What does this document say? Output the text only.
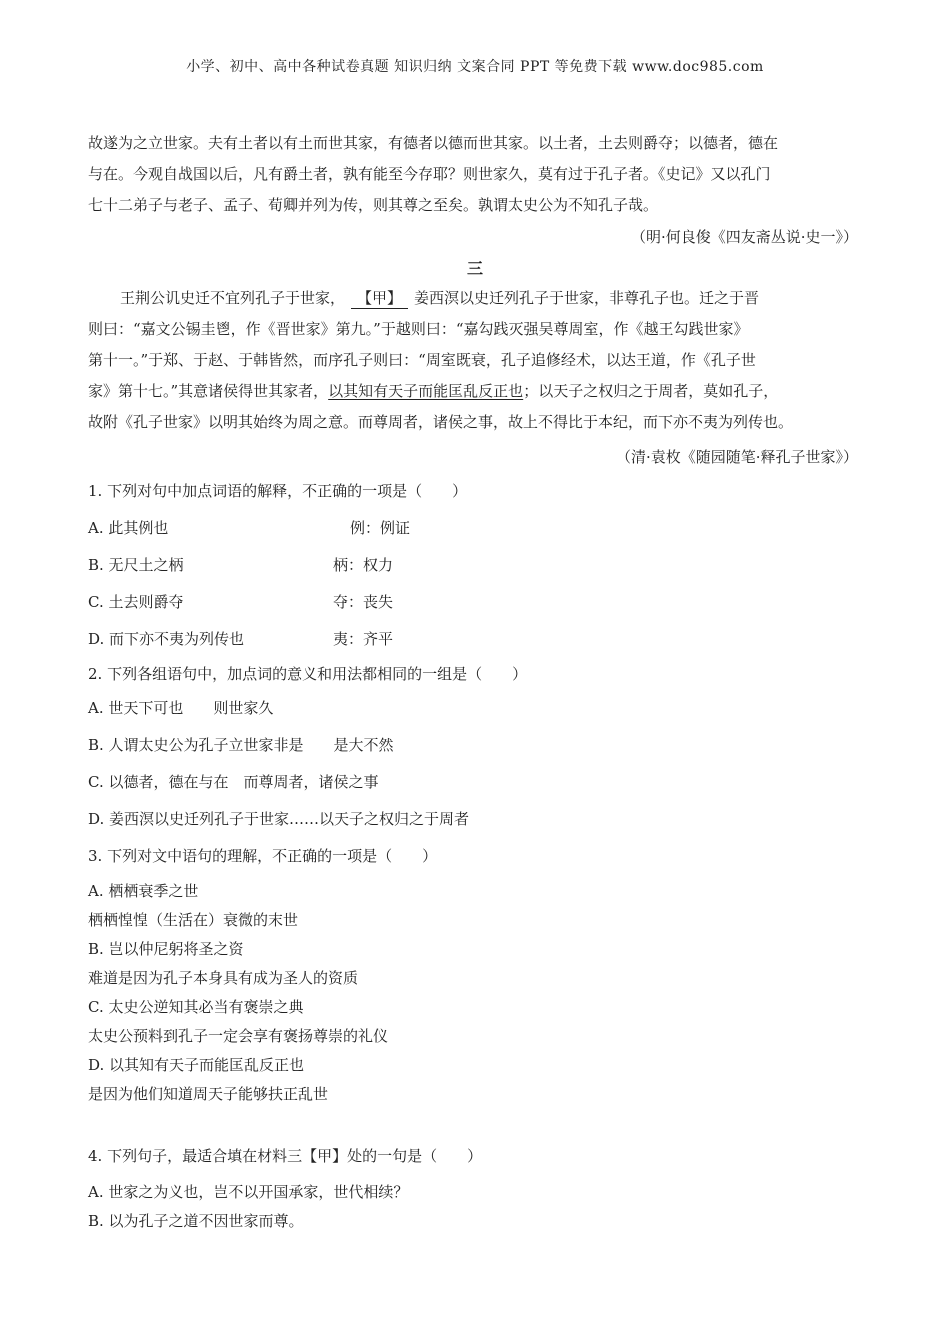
小学、初中、高中各种试卷真题 知识归纳 文案合同 PPT 等免费下载 www.doc985.com
故遂为之立世家。夫有土者以有土而世其家，有德者以德而世其家。以土者，土去则爵夺；以德者，德在
与在。今观自战国以后，凡有爵土者，孰有能至今存耶？则世家久，莫有过于孔子者。《史记》又以孔门
七十二弟子与老子、孟子、荀卿并列为传，则其尊之至矣。孰谓太史公为不知孔子哉。
（明·何良俊《四友斋丛说·史一》）
三
王荆公讥史迁不宜列孔子于世家， 【甲】 姜西溟以史迁列孔子于世家，非尊孔子也。迁之于晋
则曰：“嘉文公锡圭鬯，作《晋世家》第九。”于越则曰：“嘉勾践灭强吴尊周室，作《越王勾践世家》
第十一。”于郑、于赵、于韩皆然，而序孔子则曰：“周室既衰，孔子追修经术，以达王道，作《孔子世
家》第十七。”其意诸侯得世其家者，以其知有天子而能匡乱反正也；以天子之权归之于周者，莫如孔子，
故附《孔子世家》以明其始终为周之意。而尊周者，诸侯之事，故上不得比于本纪，而下亦不夷为列传也。
（清·袁枚《随园随笔·释孔子世家》）
1. 下列对句中加点词语的解释，不正确的一项是（　　）
A. 此其例也	例：例证
B. 无尺土之柄	柄：权力
C. 土去则爵夺	夺：丧失
D. 而下亦不夷为列传也	夷：齐平
2. 下列各组语句中，加点词的意义和用法都相同的一组是（　　）
A. 世天下可也　　则世家久
B. 人谓太史公为孔子立世家非是　　是大不然
C. 以德者，德在与在　而尊周者，诸侯之事
D. 姜西溟以史迁列孔子于世家……以天子之权归之于周者
3. 下列对文中语句的理解，不正确的一项是（　　）
A. 栖栖衰季之世
栖栖惶惶（生活在）衰微的末世
B. 岂以仲尼躬将圣之资
难道是因为孔子本身具有成为圣人的资质
C. 太史公逆知其必当有褒崇之典
太史公预料到孔子一定会享有褒扬尊崇的礼仪
D. 以其知有天子而能匡乱反正也
是因为他们知道周天子能够扶正乱世
4. 下列句子，最适合填在材料三【甲】处的一句是（　　）
A. 世家之为义也，岂不以开国承家，世代相续？
B. 以为孔子之道不因世家而尊。
